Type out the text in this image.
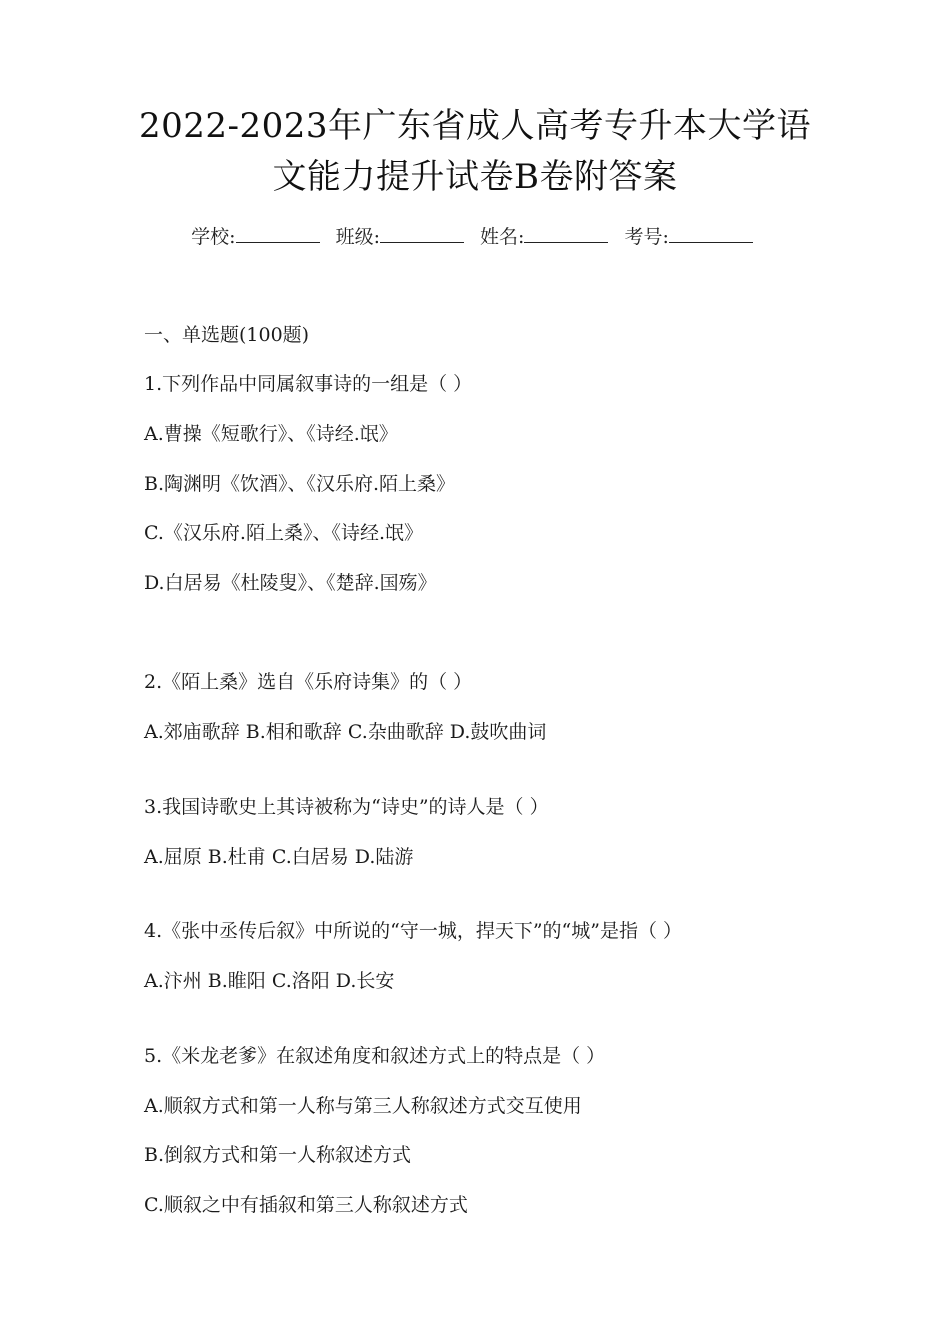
2022-2023年广东省成人高考专升本大学语
文能力提升试卷B卷附答案
学校:	班级:	姓名:	考号:
一、单选题(100题)
1.下列作品中同属叙事诗的一组是（ ）
A.曹操《短歌行》、《诗经.氓》
B.陶渊明《饮酒》、《汉乐府.陌上桑》
C.《汉乐府.陌上桑》、《诗经.氓》
D.白居易《杜陵叟》、《楚辞.国殇》
2.《陌上桑》选自《乐府诗集》的（ ）
A.郊庙歌辞 B.相和歌辞 C.杂曲歌辞 D.鼓吹曲词
3.我国诗歌史上其诗被称为“诗史”的诗人是（ ）
A.屈原 B.杜甫 C.白居易 D.陆游
4.《张中丞传后叙》中所说的“守一城，捍天下”的“城”是指（ ）
A.汴州 B.睢阳 C.洛阳 D.长安
5.《米龙老爹》在叙述角度和叙述方式上的特点是（ ）
A.顺叙方式和第一人称与第三人称叙述方式交互使用
B.倒叙方式和第一人称叙述方式
C.顺叙之中有插叙和第三人称叙述方式
